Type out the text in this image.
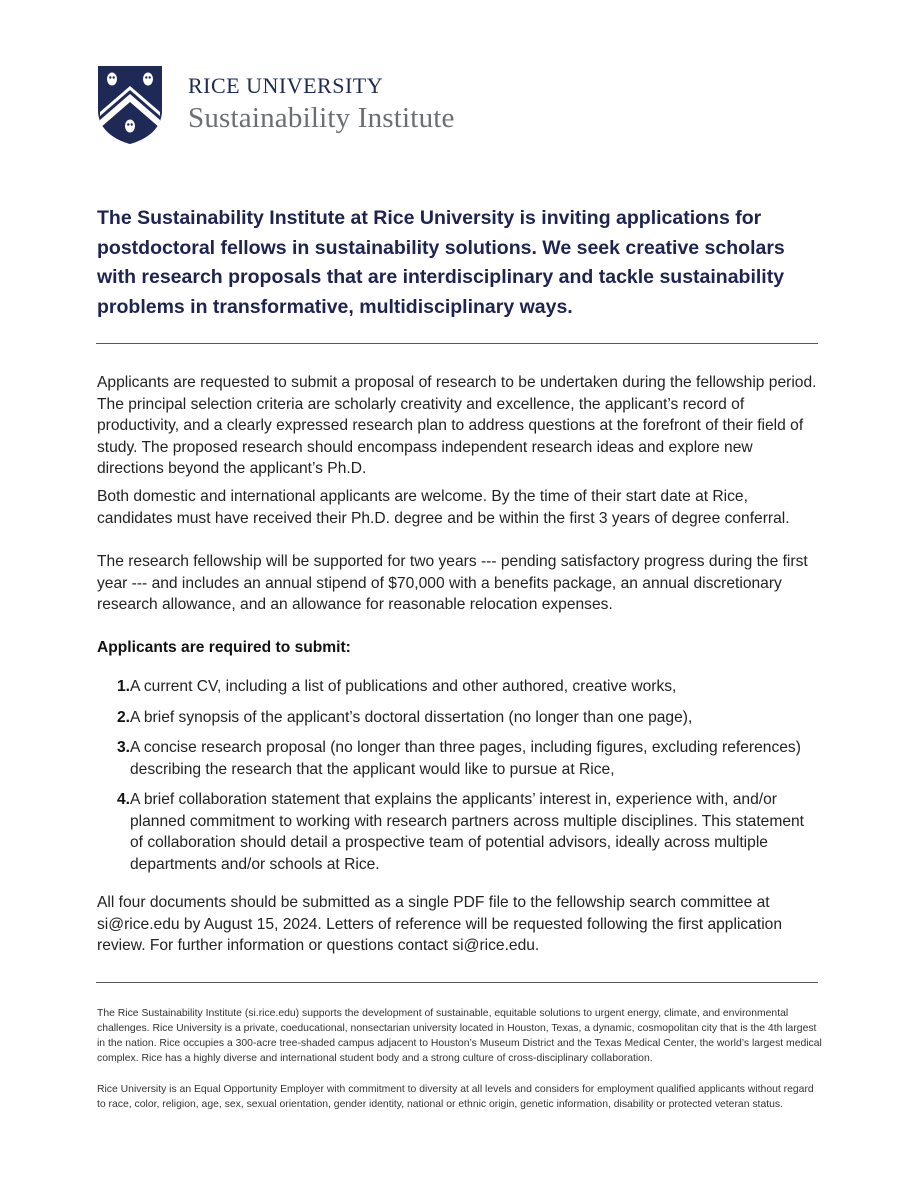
RICE UNIVERSITY
Sustainability Institute

The Sustainability Institute at Rice University is inviting applications for postdoctoral fellows in sustainability solutions. We seek creative scholars with research proposals that are interdisciplinary and tackle sustainability problems in transformative, multidisciplinary ways.

Applicants are requested to submit a proposal of research to be undertaken during the fellowship period. The principal selection criteria are scholarly creativity and excellence, the applicant’s record of productivity, and a clearly expressed research plan to address questions at the forefront of their field of study. The proposed research should encompass independent research ideas and explore new directions beyond the applicant’s Ph.D.

Both domestic and international applicants are welcome. By the time of their start date at Rice, candidates must have received their Ph.D. degree and be within the first 3 years of degree conferral.

The research fellowship will be supported for two years --- pending satisfactory progress during the first year --- and includes an annual stipend of $70,000 with a benefits package, an annual discretionary research allowance, and an allowance for reasonable relocation expenses.

Applicants are required to submit:

1. A current CV, including a list of publications and other authored, creative works,
2. A brief synopsis of the applicant’s doctoral dissertation (no longer than one page),
3. A concise research proposal (no longer than three pages, including figures, excluding references) describing the research that the applicant would like to pursue at Rice,
4. A brief collaboration statement that explains the applicants’ interest in, experience with, and/or planned commitment to working with research partners across multiple disciplines. This statement of collaboration should detail a prospective team of potential advisors, ideally across multiple departments and/or schools at Rice.

All four documents should be submitted as a single PDF file to the fellowship search committee at si@rice.edu by August 15, 2024. Letters of reference will be requested following the first application review. For further information or questions contact si@rice.edu.

The Rice Sustainability Institute (si.rice.edu) supports the development of sustainable, equitable solutions to urgent energy, climate, and environmental challenges. Rice University is a private, coeducational, nonsectarian university located in Houston, Texas, a dynamic, cosmopolitan city that is the 4th largest in the nation. Rice occupies a 300-acre tree-shaded campus adjacent to Houston’s Museum District and the Texas Medical Center, the world’s largest medical complex. Rice has a highly diverse and international student body and a strong culture of cross-disciplinary collaboration.

Rice University is an Equal Opportunity Employer with commitment to diversity at all levels and considers for employment qualified applicants without regard to race, color, religion, age, sex, sexual orientation, gender identity, national or ethnic origin, genetic information, disability or protected veteran status.
